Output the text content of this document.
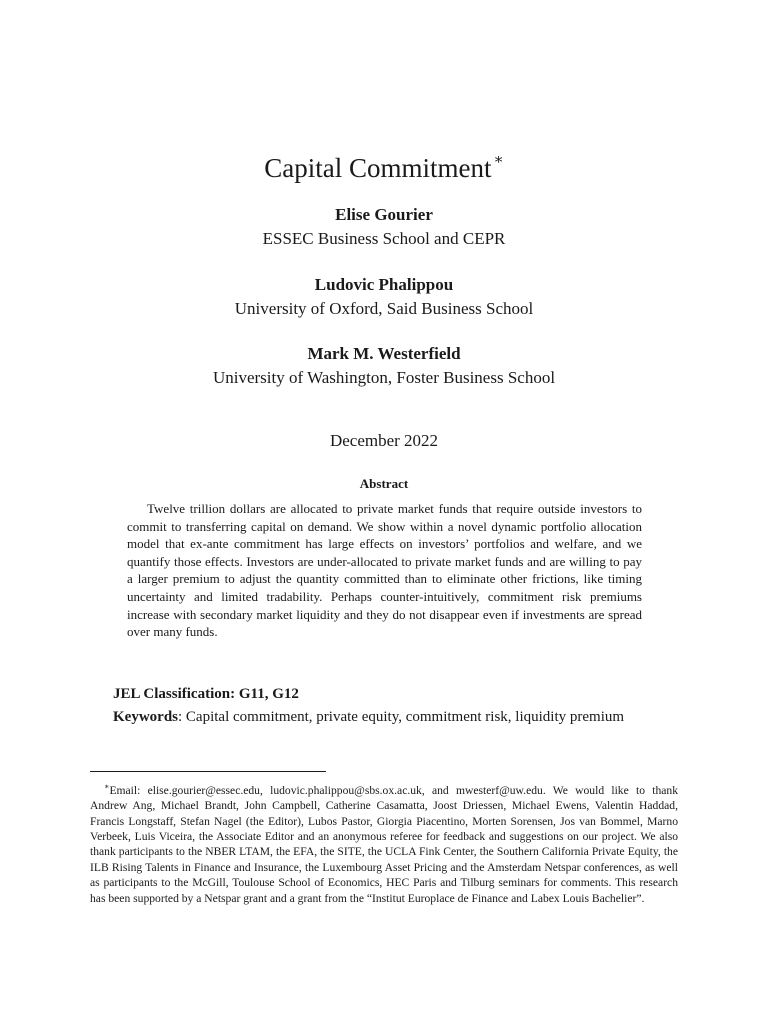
Capital Commitment ∗
Elise Gourier
ESSEC Business School and CEPR
Ludovic Phalippou
University of Oxford, Said Business School
Mark M. Westerfield
University of Washington, Foster Business School
December 2022
Abstract
Twelve trillion dollars are allocated to private market funds that require outside investors to commit to transferring capital on demand. We show within a novel dynamic portfolio allocation model that ex-ante commitment has large effects on investors’ portfolios and welfare, and we quantify those effects. Investors are under-allocated to private market funds and are willing to pay a larger premium to adjust the quantity committed than to eliminate other frictions, like timing uncertainty and limited tradability. Perhaps counter-intuitively, commitment risk premiums increase with secondary market liquidity and they do not disappear even if investments are spread over many funds.
JEL Classification: G11, G12
Keywords: Capital commitment, private equity, commitment risk, liquidity premium
∗Email: elise.gourier@essec.edu, ludovic.phalippou@sbs.ox.ac.uk, and mwesterf@uw.edu. We would like to thank Andrew Ang, Michael Brandt, John Campbell, Catherine Casamatta, Joost Driessen, Michael Ewens, Valentin Haddad, Francis Longstaff, Stefan Nagel (the Editor), Lubos Pastor, Giorgia Piacentino, Morten Sorensen, Jos van Bommel, Marno Verbeek, Luis Viceira, the Associate Editor and an anonymous referee for feedback and suggestions on our project. We also thank participants to the NBER LTAM, the EFA, the SITE, the UCLA Fink Center, the Southern California Private Equity, the ILB Rising Talents in Finance and Insurance, the Luxembourg Asset Pricing and the Amsterdam Netspar conferences, as well as participants to the McGill, Toulouse School of Economics, HEC Paris and Tilburg seminars for comments. This research has been supported by a Netspar grant and a grant from the “Institut Europlace de Finance and Labex Louis Bachelier”.
